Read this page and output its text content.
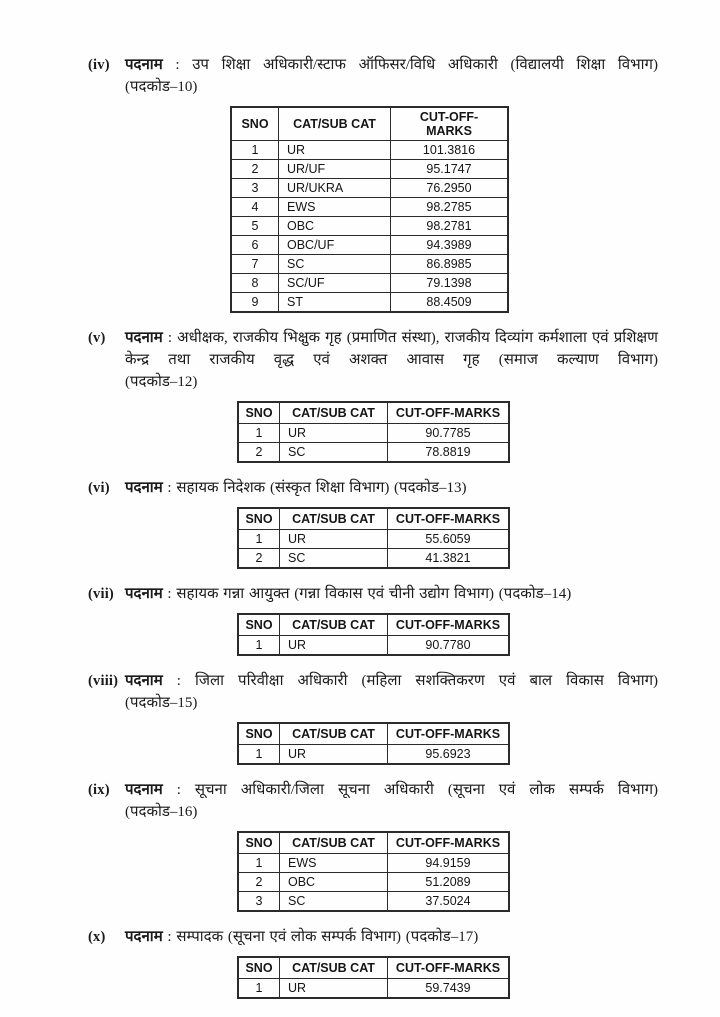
(iv)	पदनाम : उप शिक्षा अधिकारी/स्टाफ ऑफिसर/विधि अधिकारी (विद्यालयी शिक्षा विभाग)
(पदकोड–10)
SNO	CAT/SUB CAT	CUT-OFF-MARKS
1	UR	101.3816
2	UR/UF	95.1747
3	UR/UKRA	76.2950
4	EWS	98.2785
5	OBC	98.2781
6	OBC/UF	94.3989
7	SC	86.8985
8	SC/UF	79.1398
9	ST	88.4509
(v)	पदनाम : अधीक्षक, राजकीय भिक्षुक गृह (प्रमाणित संस्था), राजकीय दिव्यांग कर्मशाला एवं प्रशिक्षण केन्द्र तथा राजकीय वृद्ध एवं अशक्त आवास गृह (समाज कल्याण विभाग)
(पदकोड–12)
SNO	CAT/SUB CAT	CUT-OFF-MARKS
1	UR	90.7785
2	SC	78.8819
(vi)	पदनाम : सहायक निदेशक (संस्कृत शिक्षा विभाग) (पदकोड–13)
SNO	CAT/SUB CAT	CUT-OFF-MARKS
1	UR	55.6059
2	SC	41.3821
(vii) पदनाम : सहायक गन्ना आयुक्त (गन्ना विकास एवं चीनी उद्योग विभाग) (पदकोड–14)
SNO	CAT/SUB CAT	CUT-OFF-MARKS
1	UR	90.7780
(viii) पदनाम : जिला परिवीक्षा अधिकारी (महिला सशक्तिकरण एवं बाल विकास विभाग)
(पदकोड–15)
SNO	CAT/SUB CAT	CUT-OFF-MARKS
1	UR	95.6923
(ix)	पदनाम : सूचना अधिकारी/जिला सूचना अधिकारी (सूचना एवं लोक सम्पर्क विभाग)
(पदकोड–16)
SNO	CAT/SUB CAT	CUT-OFF-MARKS
1	EWS	94.9159
2	OBC	51.2089
3	SC	37.5024
(x)	पदनाम : सम्पादक (सूचना एवं लोक सम्पर्क विभाग) (पदकोड–17)
SNO	CAT/SUB CAT	CUT-OFF-MARKS
1	UR	59.7439
